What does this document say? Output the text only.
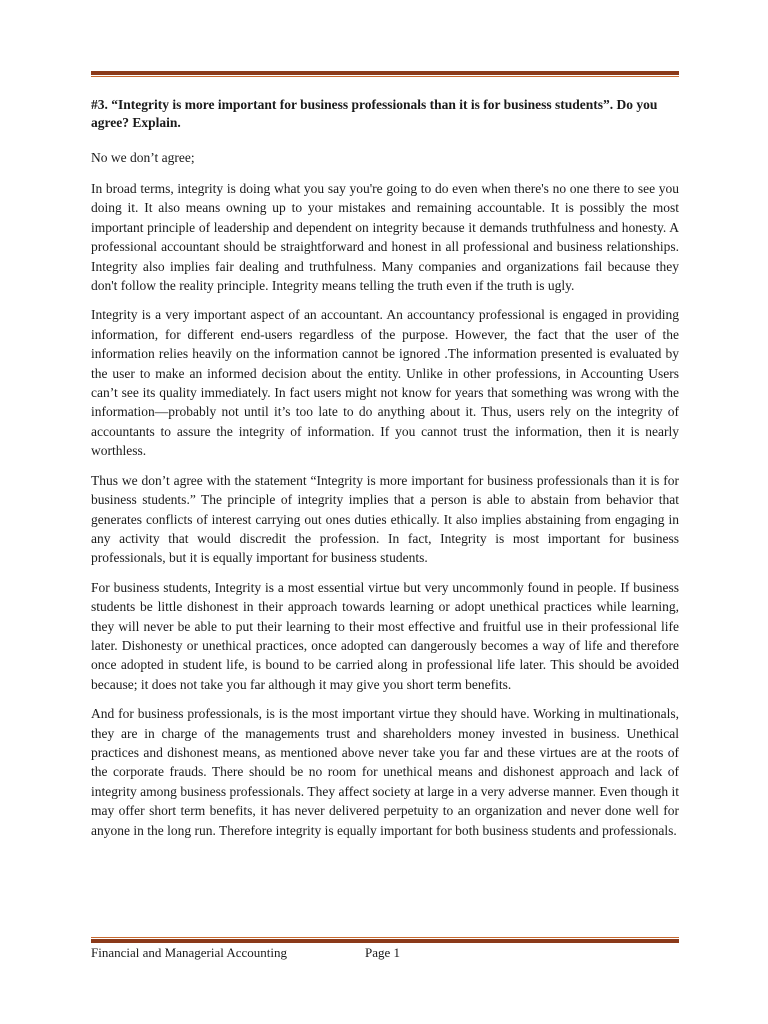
#3. “Integrity is more important for business professionals than it is for business students”. Do you agree? Explain.

No we don’t agree;

In broad terms, integrity is doing what you say you're going to do even when there's no one there to see you doing it. It also means owning up to your mistakes and remaining accountable. It is possibly the most important principle of leadership and dependent on integrity because it demands truthfulness and honesty. A professional accountant should be straightforward and honest in all professional and business relationships. Integrity also implies fair dealing and truthfulness. Many companies and organizations fail because they don't follow the reality principle. Integrity means telling the truth even if the truth is ugly.

Integrity is a very important aspect of an accountant. An accountancy professional is engaged in providing information, for different end-users regardless of the purpose. However, the fact that the user of the information relies heavily on the information cannot be ignored .The information presented is evaluated by the user to make an informed decision about the entity. Unlike in other professions, in Accounting Users can’t see its quality immediately. In fact users might not know for years that something was wrong with the information—probably not until it’s too late to do anything about it. Thus, users rely on the integrity of accountants to assure the integrity of information. If you cannot trust the information, then it is nearly worthless.

Thus we don’t agree with the statement “Integrity is more important for business professionals than it is for business students.” The principle of integrity implies that a person is able to abstain from behavior that generates conflicts of interest carrying out ones duties ethically. It also implies abstaining from engaging in any activity that would discredit the profession. In fact, Integrity is most important for business professionals, but it is equally important for business students.

For business students, Integrity is a most essential virtue but very uncommonly found in people. If business students be little dishonest in their approach towards learning or adopt unethical practices while learning, they will never be able to put their learning to their most effective and fruitful use in their professional life later. Dishonesty or unethical practices, once adopted can dangerously becomes a way of life and therefore once adopted in student life, is bound to be carried along in professional life later. This should be avoided because; it does not take you far although it may give you short term benefits.

And for business professionals, is is the most important virtue they should have. Working in multinationals, they are in charge of the managements trust and shareholders money invested in business. Unethical practices and dishonest means, as mentioned above never take you far and these virtues are at the roots of the corporate frauds. There should be no room for unethical means and dishonest approach and lack of integrity among business professionals. They affect society at large in a very adverse manner. Even though it may offer short term benefits, it has never delivered perpetuity to an organization and never done well for anyone in the long run. Therefore integrity is equally important for both business students and professionals.

Financial and Managerial Accounting	Page 1
